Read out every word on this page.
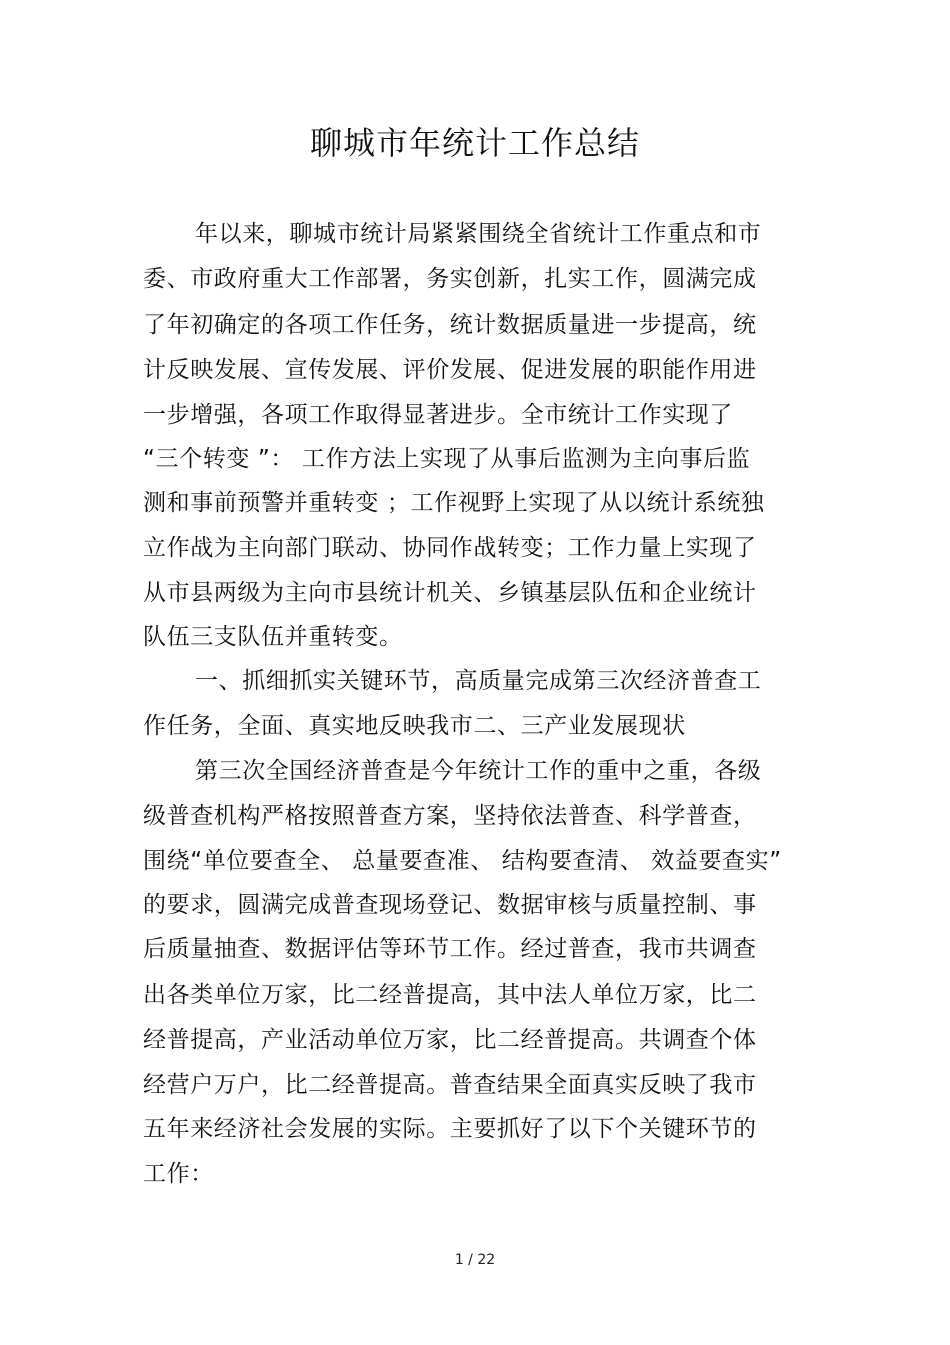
聊城市年统计工作总结
年以来，聊城市统计局紧紧围绕全省统计工作重点和市
委、市政府重大工作部署，务实创新，扎实工作，圆满完成
了年初确定的各项工作任务，统计数据质量进一步提高，统
计反映发展、宣传发展、评价发展、促进发展的职能作用进
一步增强，各项工作取得显著进步。全市统计工作实现了
“三个转变 ”： 工作方法上实现了从事后监测为主向事后监
测和事前预警并重转变 ；工作视野上实现了从以统计系统独
立作战为主向部门联动、协同作战转变；工作力量上实现了
从市县两级为主向市县统计机关、乡镇基层队伍和企业统计
队伍三支队伍并重转变。
一、抓细抓实关键环节，高质量完成第三次经济普查工
作任务，全面、真实地反映我市二、三产业发展现状
第三次全国经济普查是今年统计工作的重中之重，各级
级普查机构严格按照普查方案，坚持依法普查、科学普查，
围绕“单位要查全、 总量要查准、 结构要查清、 效益要查实”
的要求，圆满完成普查现场登记、数据审核与质量控制、事
后质量抽查、数据评估等环节工作。经过普查，我市共调查
出各类单位万家，比二经普提高，其中法人单位万家，比二
经普提高，产业活动单位万家，比二经普提高。共调查个体
经营户万户，比二经普提高。普查结果全面真实反映了我市
五年来经济社会发展的实际。主要抓好了以下个关键环节的
工作：
1 / 22
